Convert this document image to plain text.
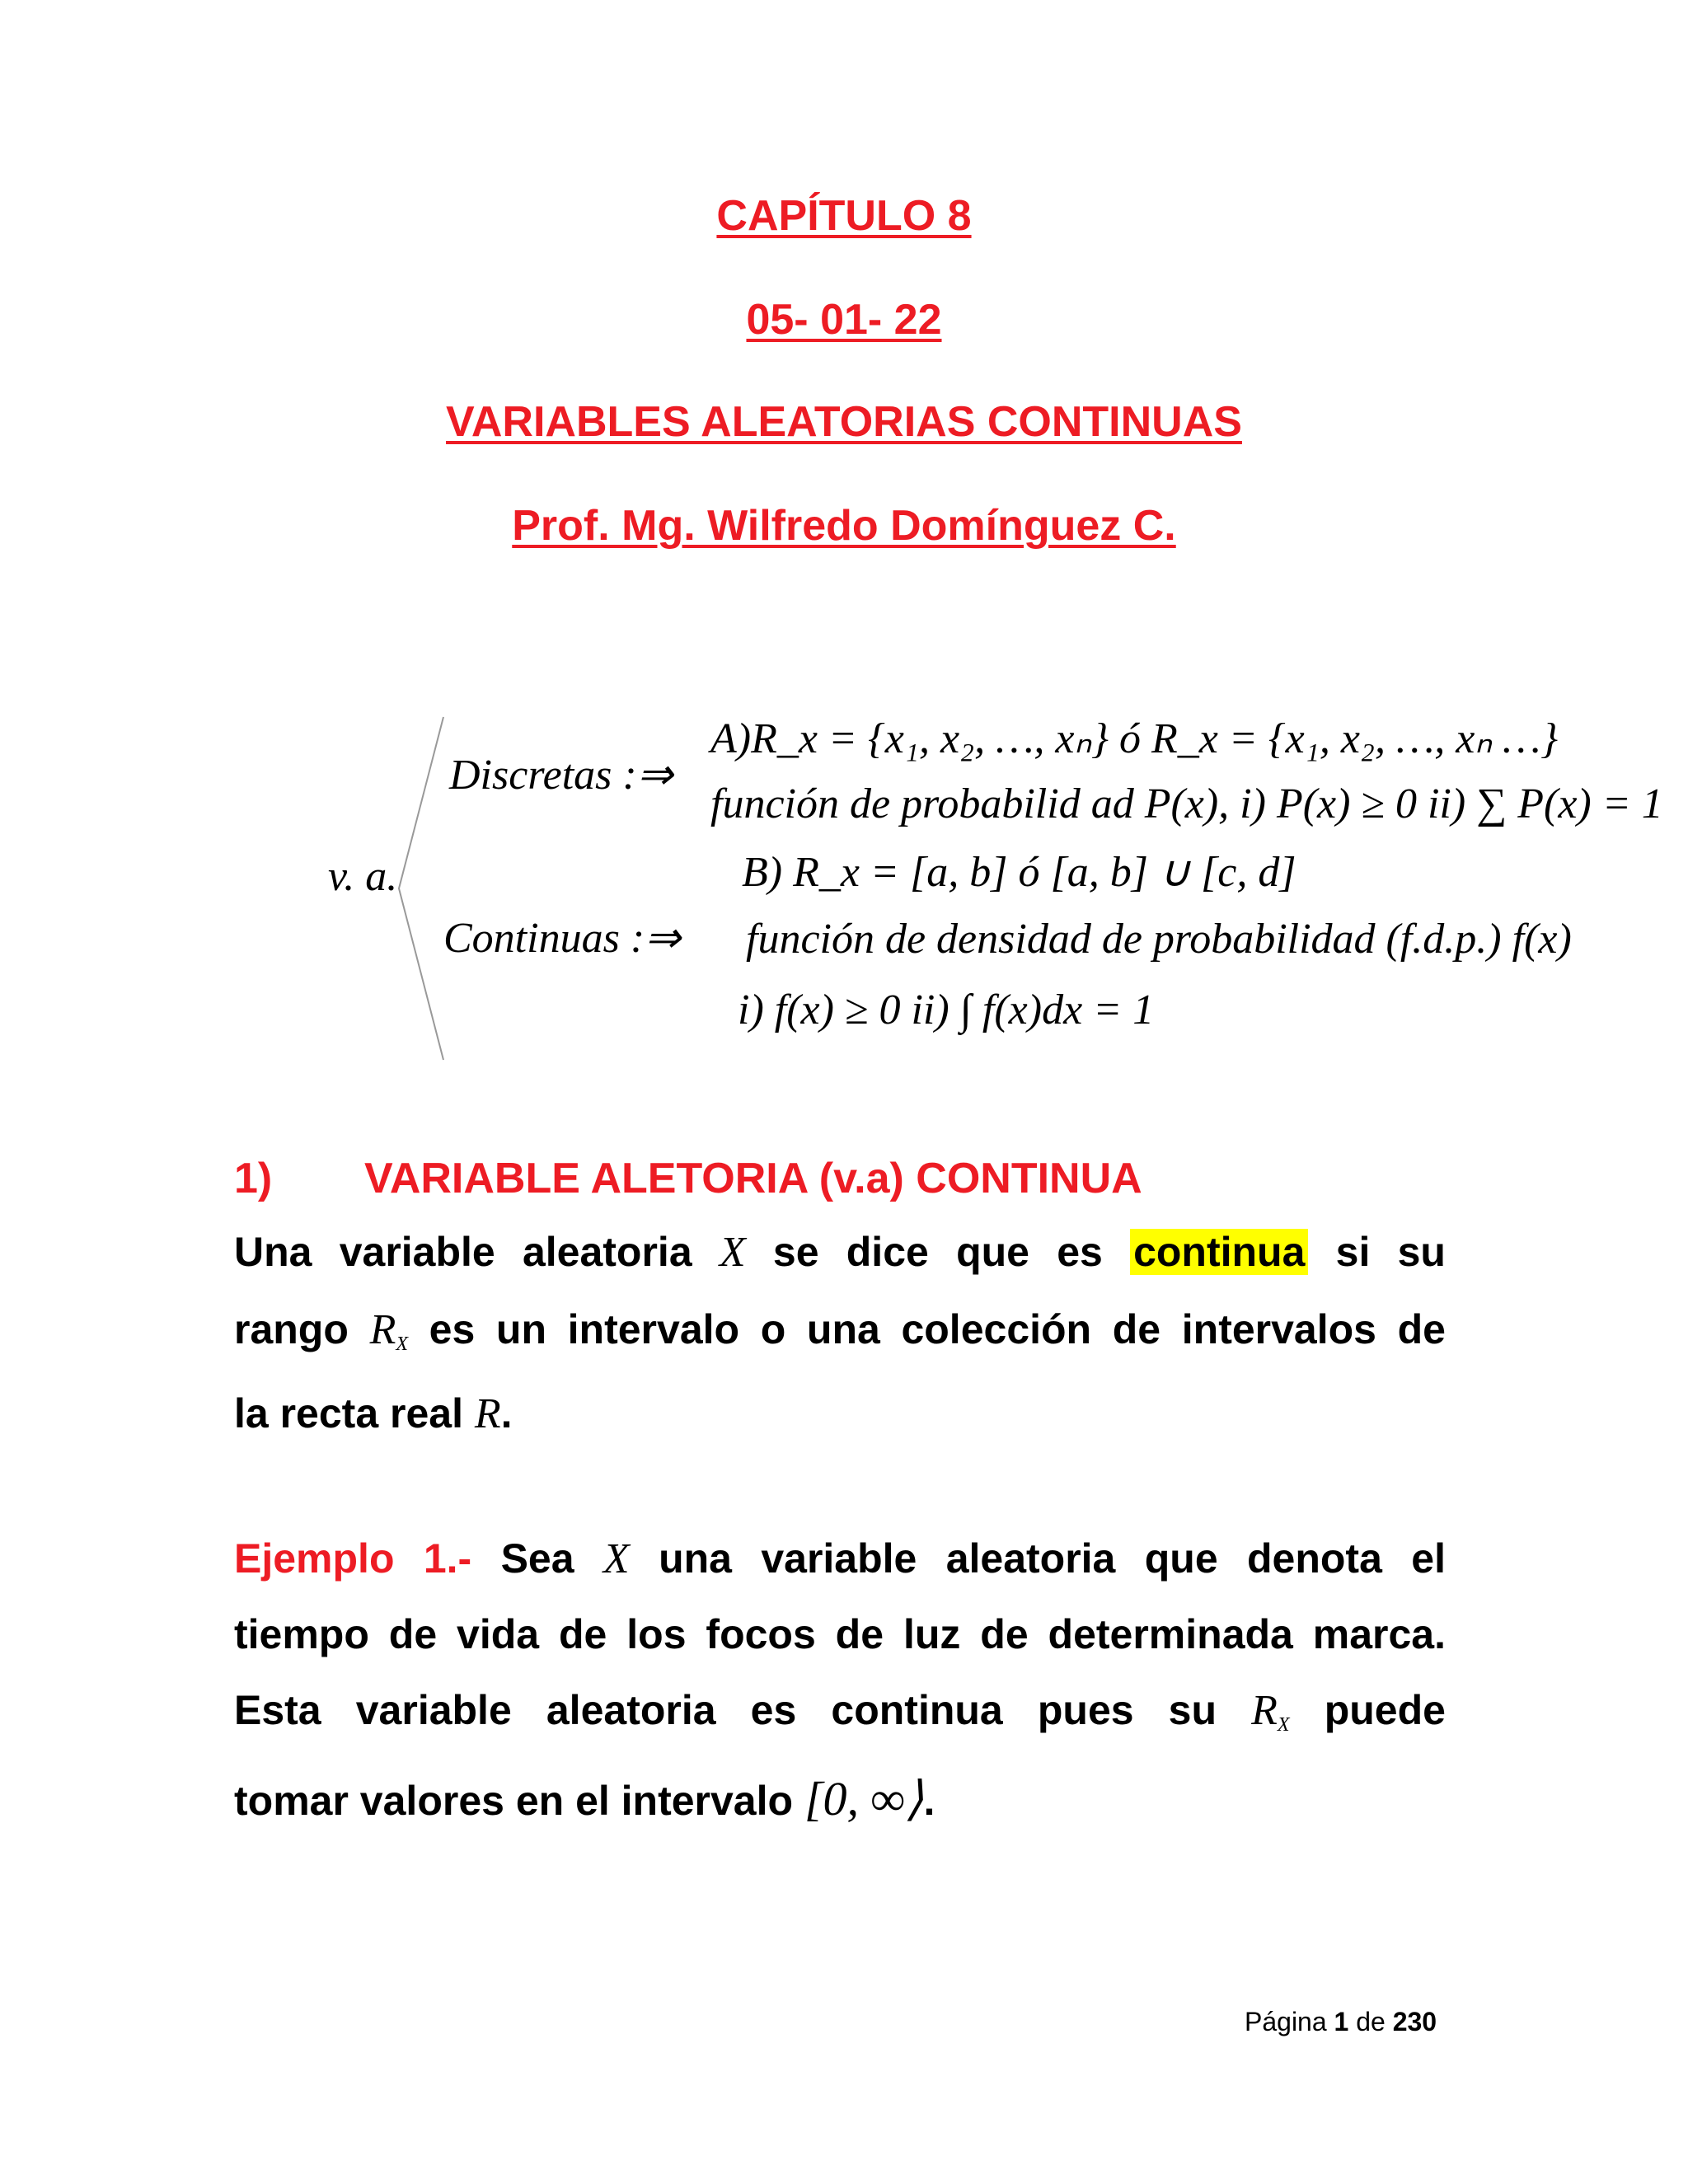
CAPÍTULO 8
05- 01- 22
VARIABLES ALEATORIAS CONTINUAS
Prof. Mg. Wilfredo Domínguez C.
v. a.
Discretas :⇒
Continuas :⇒
A)R_x = {x₁, x₂, …, xₙ} ó R_x = {x₁, x₂, …, xₙ …}
función de probabilid ad P(x), i) P(x) ≥ 0 ii) ∑ P(x) = 1
B) R_x = [a, b] ó [a, b] ∪ [c, d]
función de densidad de probabilidad (f.d.p.) f(x)
i) f(x) ≥ 0 ii) ∫ f(x)dx = 1
1) VARIABLE ALETORIA (v.a) CONTINUA
Una variable aleatoria X se dice que es continua si su
rango $R_X$ es un intervalo o una colección de intervalos de
la recta real R.
Ejemplo 1.- Sea X una variable aleatoria que denota el
tiempo de vida de los focos de luz de determinada marca.
Esta variable aleatoria es continua pues su $R_X$ puede
tomar valores en el intervalo [0, ∞⟩.
Página 1 de 230
